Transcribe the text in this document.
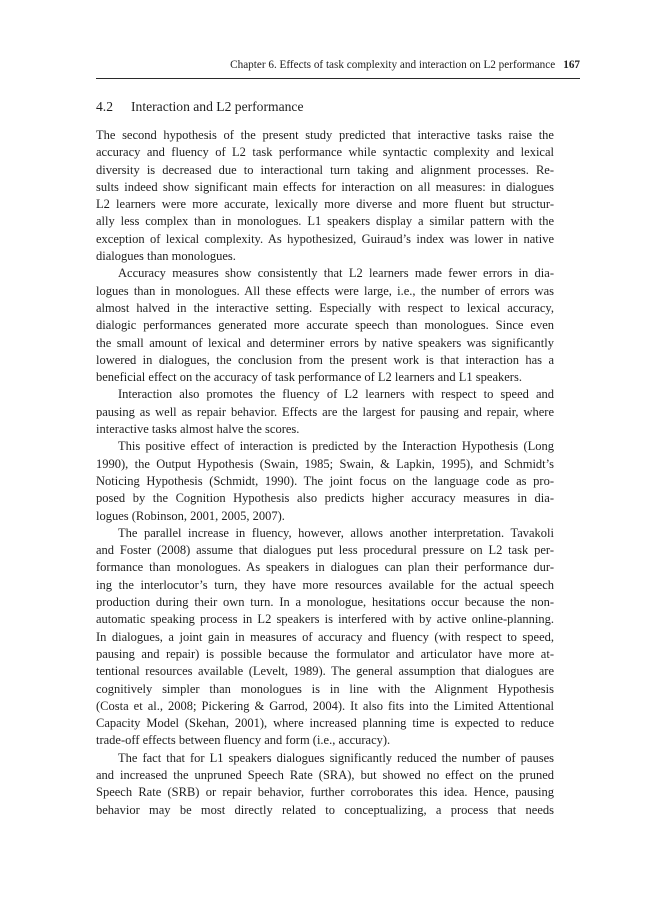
Chapter 6. Effects of task complexity and interaction on L2 performance 167
4.2 Interaction and L2 performance
The second hypothesis of the present study predicted that interactive tasks raise the
accuracy and fluency of L2 task performance while syntactic complexity and lexical
diversity is decreased due to interactional turn taking and alignment processes. Re-
sults indeed show significant main effects for interaction on all measures: in dialogues
L2 learners were more accurate, lexically more diverse and more fluent but structur-
ally less complex than in monologues. L1 speakers display a similar pattern with the
exception of lexical complexity. As hypothesized, Guiraud’s index was lower in native
dialogues than monologues.
Accuracy measures show consistently that L2 learners made fewer errors in dia-
logues than in monologues. All these effects were large, i.e., the number of errors was
almost halved in the interactive setting. Especially with respect to lexical accuracy,
dialogic performances generated more accurate speech than monologues. Since even
the small amount of lexical and determiner errors by native speakers was significantly
lowered in dialogues, the conclusion from the present work is that interaction has a
beneficial effect on the accuracy of task performance of L2 learners and L1 speakers.
Interaction also promotes the fluency of L2 learners with respect to speed and
pausing as well as repair behavior. Effects are the largest for pausing and repair, where
interactive tasks almost halve the scores.
This positive effect of interaction is predicted by the Interaction Hypothesis (Long
1990), the Output Hypothesis (Swain, 1985; Swain, & Lapkin, 1995), and Schmidt’s
Noticing Hypothesis (Schmidt, 1990). The joint focus on the language code as pro-
posed by the Cognition Hypothesis also predicts higher accuracy measures in dia-
logues (Robinson, 2001, 2005, 2007).
The parallel increase in fluency, however, allows another interpretation. Tavakoli
and Foster (2008) assume that dialogues put less procedural pressure on L2 task per-
formance than monologues. As speakers in dialogues can plan their performance dur-
ing the interlocutor’s turn, they have more resources available for the actual speech
production during their own turn. In a monologue, hesitations occur because the non-
automatic speaking process in L2 speakers is interfered with by active online-planning.
In dialogues, a joint gain in measures of accuracy and fluency (with respect to speed,
pausing and repair) is possible because the formulator and articulator have more at-
tentional resources available (Levelt, 1989). The general assumption that dialogues are
cognitively simpler than monologues is in line with the Alignment Hypothesis
(Costa et al., 2008; Pickering & Garrod, 2004). It also fits into the Limited Attentional
Capacity Model (Skehan, 2001), where increased planning time is expected to reduce
trade-off effects between fluency and form (i.e., accuracy).
The fact that for L1 speakers dialogues significantly reduced the number of pauses
and increased the unpruned Speech Rate (SRA), but showed no effect on the pruned
Speech Rate (SRB) or repair behavior, further corroborates this idea. Hence, pausing
behavior may be most directly related to conceptualizing, a process that needs
